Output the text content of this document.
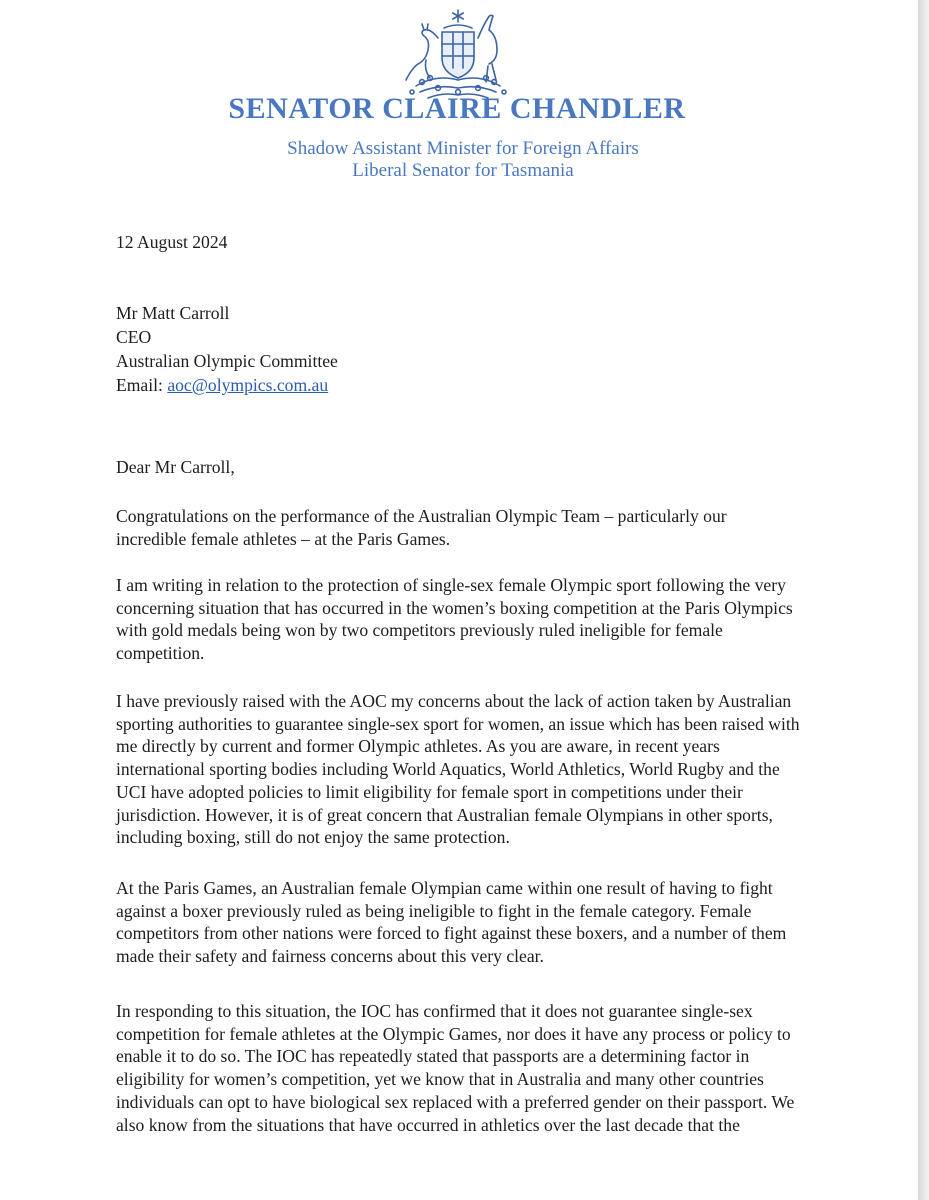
SENATOR CLAIRE CHANDLER
Shadow Assistant Minister for Foreign Affairs
Liberal Senator for Tasmania
12 August 2024
Mr Matt Carroll
CEO
Australian Olympic Committee
Email: aoc@olympics.com.au
Dear Mr Carroll,
Congratulations on the performance of the Australian Olympic Team – particularly our
incredible female athletes – at the Paris Games.
I am writing in relation to the protection of single-sex female Olympic sport following the very
concerning situation that has occurred in the women’s boxing competition at the Paris Olympics
with gold medals being won by two competitors previously ruled ineligible for female
competition.
I have previously raised with the AOC my concerns about the lack of action taken by Australian
sporting authorities to guarantee single-sex sport for women, an issue which has been raised with
me directly by current and former Olympic athletes. As you are aware, in recent years
international sporting bodies including World Aquatics, World Athletics, World Rugby and the
UCI have adopted policies to limit eligibility for female sport in competitions under their
jurisdiction. However, it is of great concern that Australian female Olympians in other sports,
including boxing, still do not enjoy the same protection.
At the Paris Games, an Australian female Olympian came within one result of having to fight
against a boxer previously ruled as being ineligible to fight in the female category. Female
competitors from other nations were forced to fight against these boxers, and a number of them
made their safety and fairness concerns about this very clear.
In responding to this situation, the IOC has confirmed that it does not guarantee single-sex
competition for female athletes at the Olympic Games, nor does it have any process or policy to
enable it to do so. The IOC has repeatedly stated that passports are a determining factor in
eligibility for women’s competition, yet we know that in Australia and many other countries
individuals can opt to have biological sex replaced with a preferred gender on their passport. We
also know from the situations that have occurred in athletics over the last decade that the
